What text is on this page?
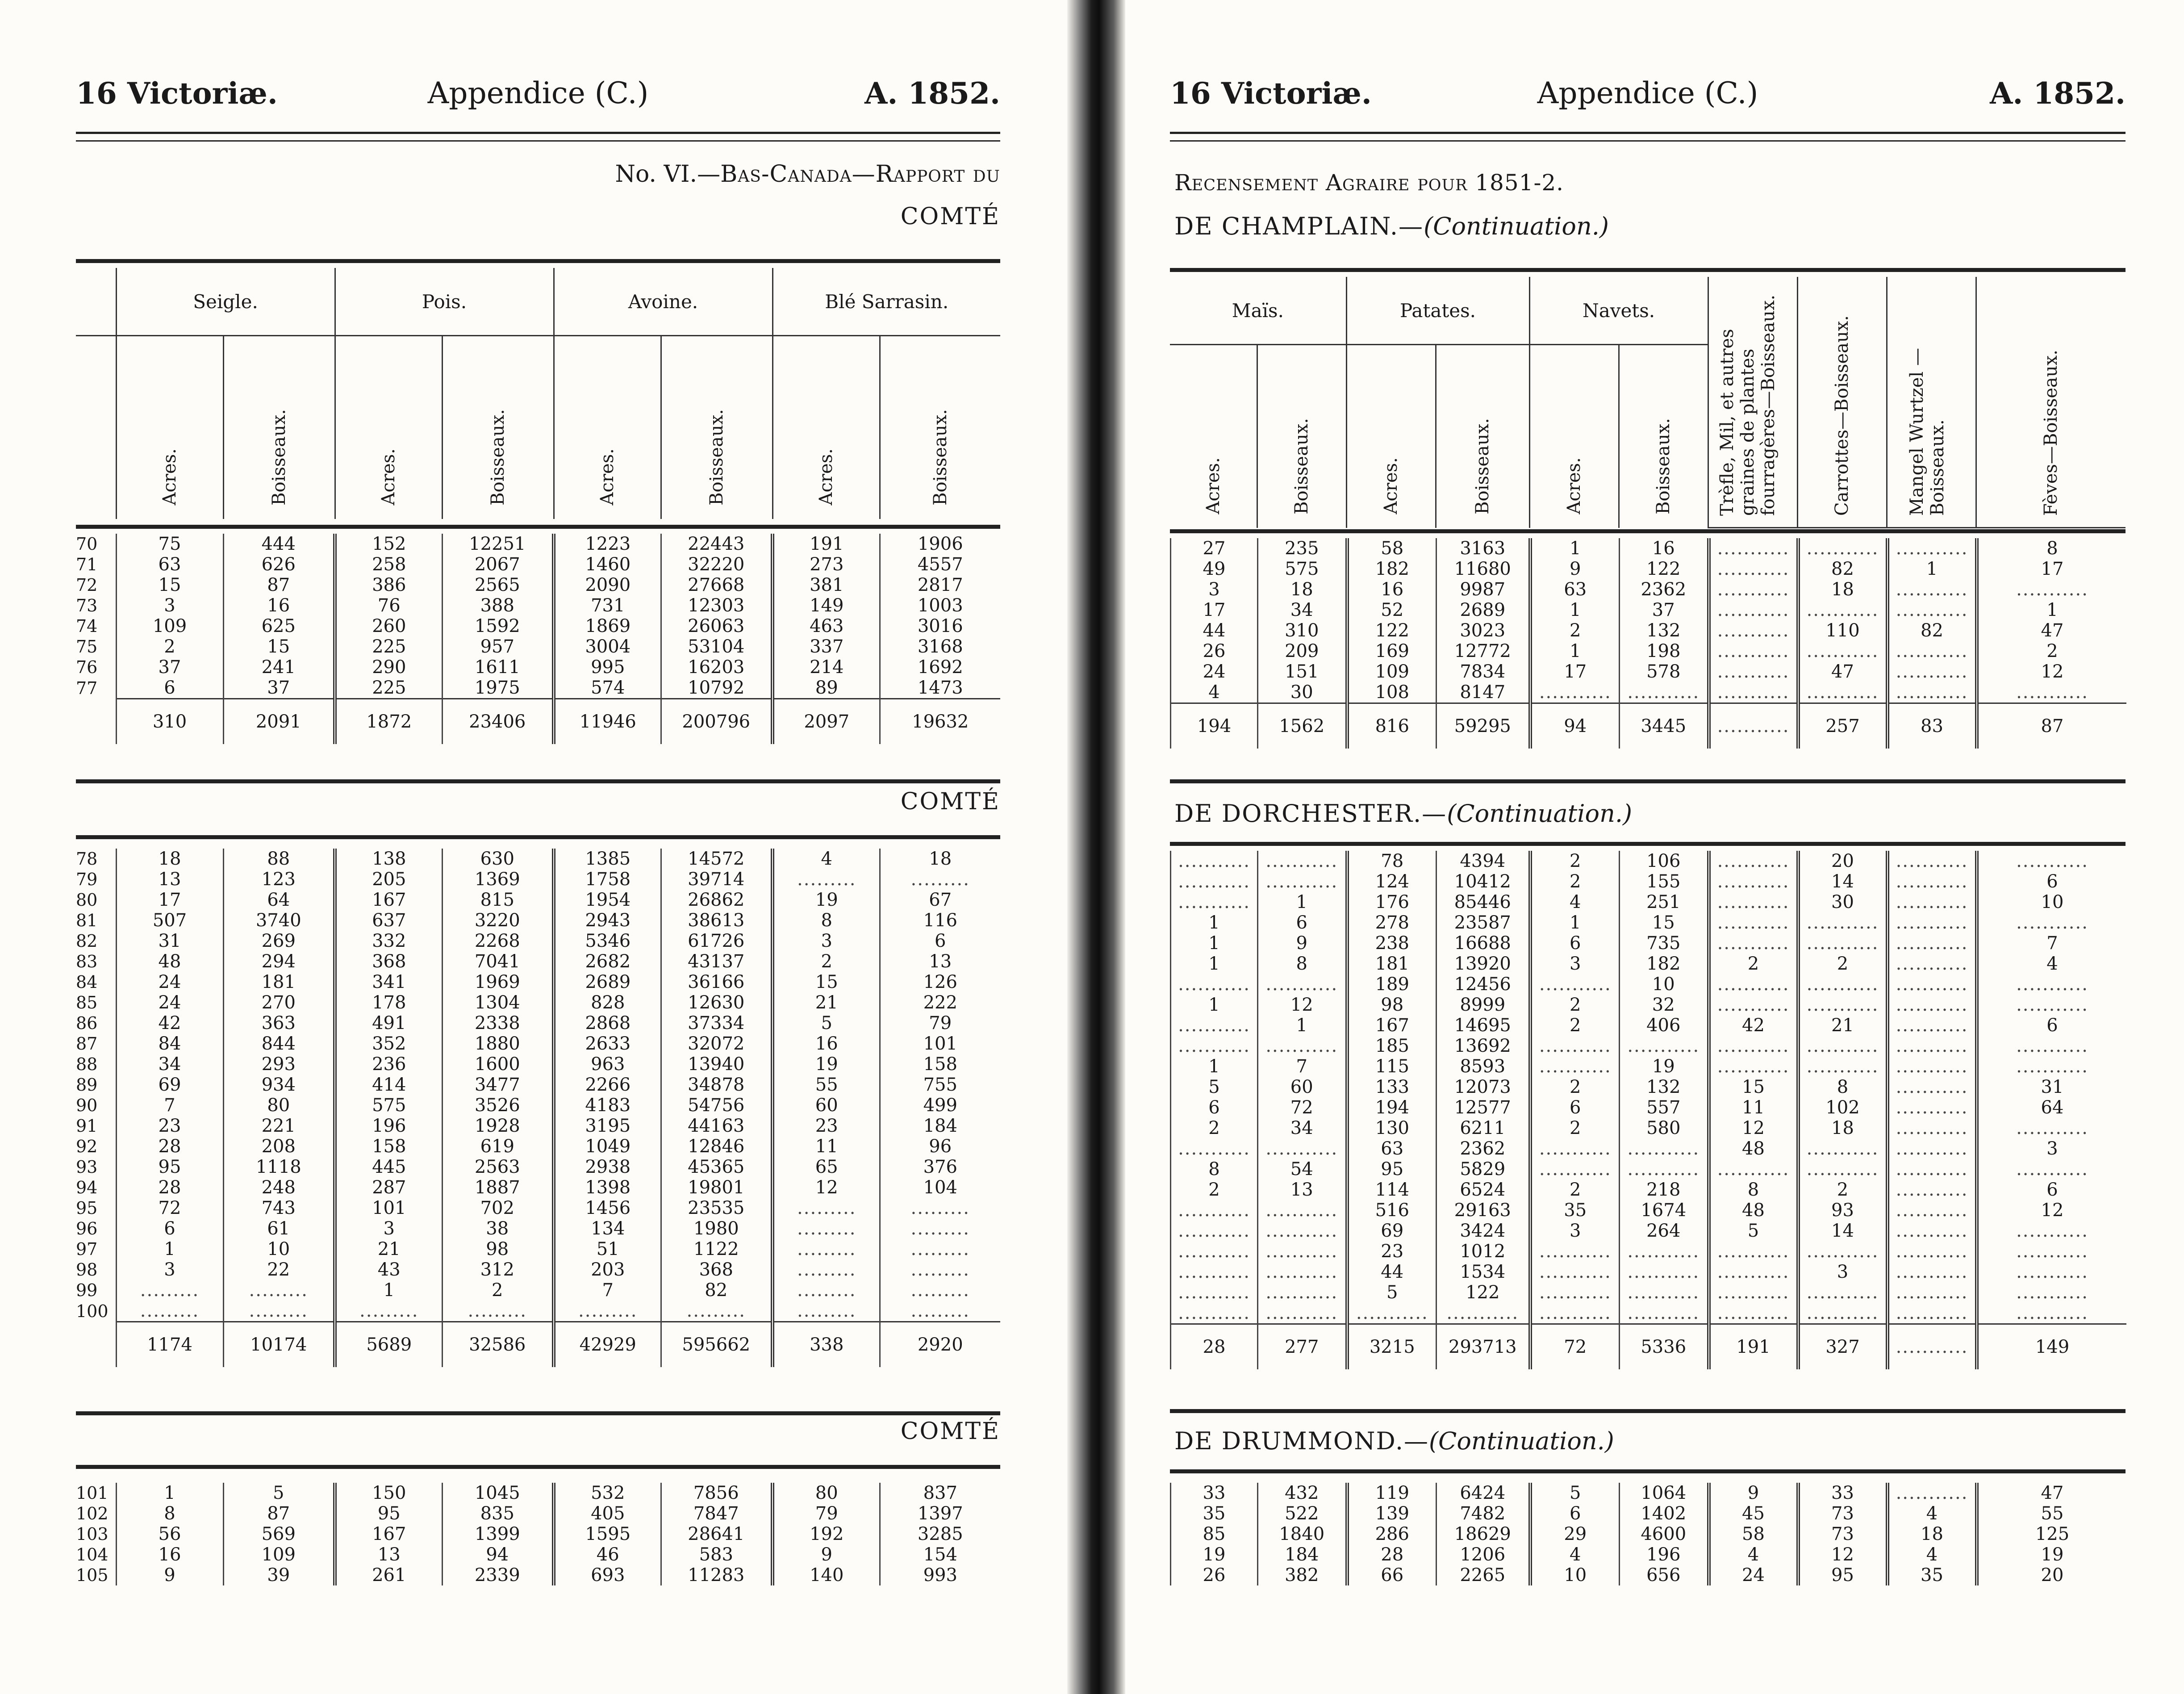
16 Victoriæ.	Appendice (C.)	A. 1852.
No. VI.—Bas-Canada—Rapport du
COMTÉ
	Seigle.		Pois.		Avoine.		Blé Sarrasin.	
	Acres.	Boisseaux.	Acres.	Boisseaux.	Acres.	Boisseaux.	Acres.	Boisseaux.
70	75	444	152	12251	1223	22443	191	1906
71	63	626	258	2067	1460	32220	273	4557
72	15	87	386	2565	2090	27668	381	2817
73	3	16	76	388	731	12303	149	1003
74	109	625	260	1592	1869	26063	463	3016
75	2	15	225	957	3004	53104	337	3168
76	37	241	290	1611	995	16203	214	1692
77	6	37	225	1975	574	10792	89	1473
	310	2091	1872	23406	11946	200796	2097	19632
COMTÉ
78	18	88	138	630	1385	14572	4	18
79	13	123	205	1369	1758	39714	.........	.........
80	17	64	167	815	1954	26862	19	67
81	507	3740	637	3220	2943	38613	8	116
82	31	269	332	2268	5346	61726	3	6
83	48	294	368	7041	2682	43137	2	13
84	24	181	341	1969	2689	36166	15	126
85	24	270	178	1304	828	12630	21	222
86	42	363	491	2338	2868	37334	5	79
87	84	844	352	1880	2633	32072	16	101
88	34	293	236	1600	963	13940	19	158
89	69	934	414	3477	2266	34878	55	755
90	7	80	575	3526	4183	54756	60	499
91	23	221	196	1928	3195	44163	23	184
92	28	208	158	619	1049	12846	11	96
93	95	1118	445	2563	2938	45365	65	376
94	28	248	287	1887	1398	19801	12	104
95	72	743	101	702	1456	23535	.........	.........
96	6	61	3	38	134	1980	.........	.........
97	1	10	21	98	51	1122	.........	.........
98	3	22	43	312	203	368	.........	.........
99	.........	.........	1	2	7	82	.........	.........
100	.........	.........	.........	.........	.........	.........	.........	.........
	1174	10174	5689	32586	42929	595662	338	2920
COMTÉ
101	1	5	150	1045	532	7856	80	837
102	8	87	95	835	405	7847	79	1397
103	56	569	167	1399	1595	28641	192	3285
104	16	109	13	94	46	583	9	154
105	9	39	261	2339	693	11283	140	993
16 Victoriæ.	Appendice (C.)	A. 1852.
Recensement Agraire pour 1851-2.
DE CHAMPLAIN.—(Continuation.)
Maïs.		Patates.		Navets.		Trèfle, Mil, et autres graines de plantes fourragères—Boisseaux.	Carrottes—Boisseaux.	Mangel Wurtzel — Boisseaux.	Fèves—Boisseaux.
Acres.	Boisseaux.	Acres.	Boisseaux.	Acres.	Boisseaux.				
27	235	58	3163	1	16	...........	...........	...........	8
49	575	182	11680	9	122	...........	82	1	17
3	18	16	9987	63	2362	...........	18	...........	...........
17	34	52	2689	1	37	...........	...........	...........	1
44	310	122	3023	2	132	...........	110	82	47
26	209	169	12772	1	198	...........	...........	...........	2
24	151	109	7834	17	578	...........	47	...........	12
4	30	108	8147	...........	...........	...........	...........	...........	...........
194	1562	816	59295	94	3445	...........	257	83	87
DE DORCHESTER.—(Continuation.)
...........	...........	78	4394	2	106	...........	20	...........	...........
...........	...........	124	10412	2	155	...........	14	...........	6
...........	1	176	85446	4	251	...........	30	...........	10
1	6	278	23587	1	15	...........	...........	...........	...........
1	9	238	16688	6	735	...........	...........	...........	7
1	8	181	13920	3	182	2	2	...........	4
...........	...........	189	12456	...........	10	...........	...........	...........	...........
1	12	98	8999	2	32	...........	...........	...........	...........
...........	1	167	14695	2	406	42	21	...........	6
...........	...........	185	13692	...........	...........	...........	...........	...........	...........
1	7	115	8593	...........	19	...........	...........	...........	...........
5	60	133	12073	2	132	15	8	...........	31
6	72	194	12577	6	557	11	102	...........	64
2	34	130	6211	2	580	12	18	...........	...........
...........	...........	63	2362	...........	...........	48	...........	...........	3
8	54	95	5829	...........	...........	...........	...........	...........	...........
2	13	114	6524	2	218	8	2	...........	6
...........	...........	516	29163	35	1674	48	93	...........	12
...........	...........	69	3424	3	264	5	14	...........	...........
...........	...........	23	1012	...........	...........	...........	...........	...........	...........
...........	...........	44	1534	...........	...........	...........	3	...........	...........
...........	...........	5	122	...........	...........	...........	...........	...........	...........
...........	...........	...........	...........	...........	...........	...........	...........	...........	...........
28	277	3215	293713	72	5336	191	327	...........	149
DE DRUMMOND.—(Continuation.)
33	432	119	6424	5	1064	9	33	...........	47
35	522	139	7482	6	1402	45	73	4	55
85	1840	286	18629	29	4600	58	73	18	125
19	184	28	1206	4	196	4	12	4	19
26	382	66	2265	10	656	24	95	35	20
